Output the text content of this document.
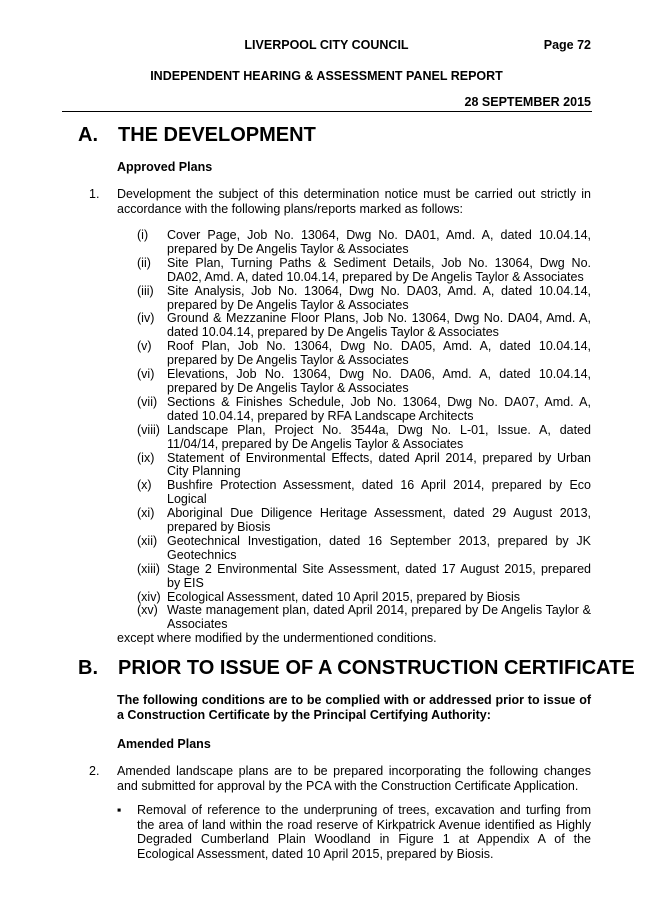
LIVERPOOL CITY COUNCIL	Page 72
INDEPENDENT HEARING & ASSESSMENT PANEL REPORT
28 SEPTEMBER 2015
A. THE DEVELOPMENT
Approved Plans
1. Development the subject of this determination notice must be carried out strictly in accordance with the following plans/reports marked as follows:
(i) Cover Page, Job No. 13064, Dwg No. DA01, Amd. A, dated 10.04.14, prepared by De Angelis Taylor & Associates
(ii) Site Plan, Turning Paths & Sediment Details, Job No. 13064, Dwg No. DA02, Amd. A, dated 10.04.14, prepared by De Angelis Taylor & Associates
(iii) Site Analysis, Job No. 13064, Dwg No. DA03, Amd. A, dated 10.04.14, prepared by De Angelis Taylor & Associates
(iv) Ground & Mezzanine Floor Plans, Job No. 13064, Dwg No. DA04, Amd. A, dated 10.04.14, prepared by De Angelis Taylor & Associates
(v) Roof Plan, Job No. 13064, Dwg No. DA05, Amd. A, dated 10.04.14, prepared by De Angelis Taylor & Associates
(vi) Elevations, Job No. 13064, Dwg No. DA06, Amd. A, dated 10.04.14, prepared by De Angelis Taylor & Associates
(vii) Sections & Finishes Schedule, Job No. 13064, Dwg No. DA07, Amd. A, dated 10.04.14, prepared by RFA Landscape Architects
(viii) Landscape Plan, Project No. 3544a, Dwg No. L-01, Issue. A, dated 11/04/14, prepared by De Angelis Taylor & Associates
(ix) Statement of Environmental Effects, dated April 2014, prepared by Urban City Planning
(x) Bushfire Protection Assessment, dated 16 April 2014, prepared by Eco Logical
(xi) Aboriginal Due Diligence Heritage Assessment, dated 29 August 2013, prepared by Biosis
(xii) Geotechnical Investigation, dated 16 September 2013, prepared by JK Geotechnics
(xiii) Stage 2 Environmental Site Assessment, dated 17 August 2015, prepared by EIS
(xiv) Ecological Assessment, dated 10 April 2015, prepared by Biosis
(xv) Waste management plan, dated April 2014, prepared by De Angelis Taylor & Associates
except where modified by the undermentioned conditions.
B. PRIOR TO ISSUE OF A CONSTRUCTION CERTIFICATE
The following conditions are to be complied with or addressed prior to issue of a Construction Certificate by the Principal Certifying Authority:
Amended Plans
2. Amended landscape plans are to be prepared incorporating the following changes and submitted for approval by the PCA with the Construction Certificate Application.
▪ Removal of reference to the underpruning of trees, excavation and turfing from the area of land within the road reserve of Kirkpatrick Avenue identified as Highly Degraded Cumberland Plain Woodland in Figure 1 at Appendix A of the Ecological Assessment, dated 10 April 2015, prepared by Biosis.
